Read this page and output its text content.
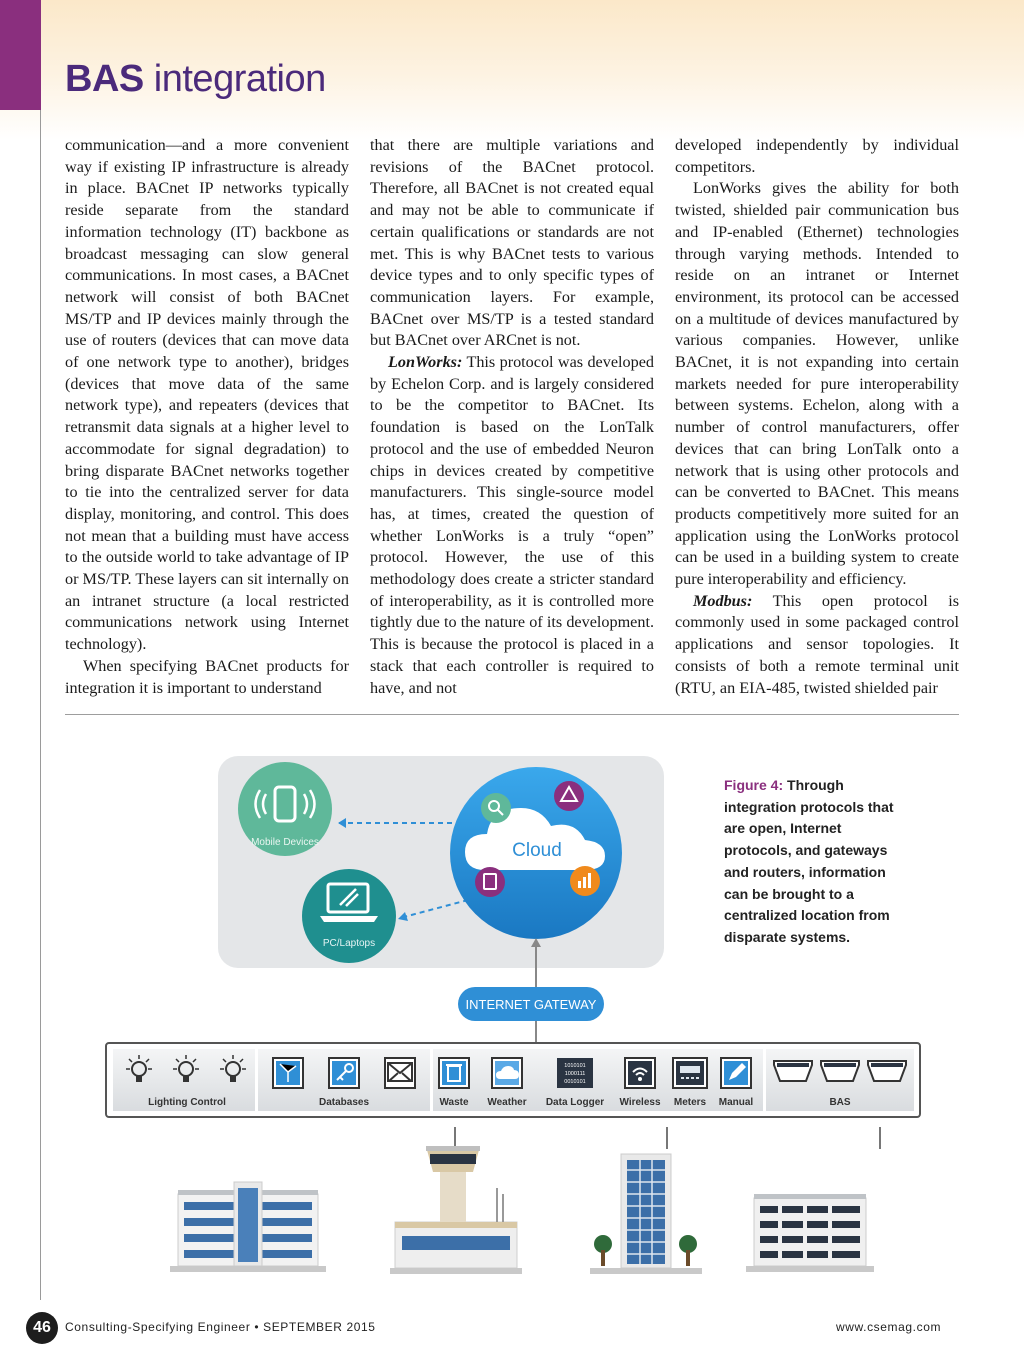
BAS integration

communication—and a more convenient way if existing IP infrastructure is already in place. BACnet IP networks typically reside separate from the standard information technology (IT) backbone as broadcast messaging can slow general communications. In most cases, a BACnet network will consist of both BACnet MS/TP and IP devices mainly through the use of routers (devices that can move data of one network type to another), bridges (devices that move data of the same network type), and repeaters (devices that retransmit data signals at a higher level to accommodate for signal degradation) to bring disparate BACnet networks together to tie into the centralized server for data display, monitoring, and control. This does not mean that a building must have access to the outside world to take advantage of IP or MS/TP. These layers can sit internally on an intranet structure (a local restricted communications network using Internet technology).

When specifying BACnet products for integration it is important to understand

that there are multiple variations and revisions of the BACnet protocol. Therefore, all BACnet is not created equal and may not be able to communicate if certain qualifications or standards are not met. This is why BACnet tests to various device types and to only specific types of communication layers. For example, BACnet over MS/TP is a tested standard but BACnet over ARCnet is not.

LonWorks: This protocol was developed by Echelon Corp. and is largely considered to be the competitor to BACnet. Its foundation is based on the LonTalk protocol and the use of embedded Neuron chips in devices created by competitive manufacturers. This single-source model has, at times, created the question of whether LonWorks is a truly “open” protocol. However, the use of this methodology does create a stricter standard of interoperability, as it is controlled more tightly due to the nature of its development. This is because the protocol is placed in a stack that each controller is required to have, and not

developed independently by individual competitors.

LonWorks gives the ability for both twisted, shielded pair communication bus and IP-enabled (Ethernet) technologies through varying methods. Intended to reside on an intranet or Internet environment, its protocol can be accessed on a multitude of devices manufactured by various companies. However, unlike BACnet, it is not expanding into certain markets needed for pure interoperability between systems. Echelon, along with a number of control manufacturers, offer devices that can bring LonTalk onto a network that is using other protocols and can be converted to BACnet. This means products competitively more suited for an application using the LonWorks protocol can be used in a building system to create pure interoperability and efficiency.

Modbus: This open protocol is commonly used in some packaged control applications and sensor topologies. It consists of both a remote terminal unit (RTU, an EIA-485, twisted shielded pair

Mobile Devices
PC/Laptops
Cloud
INTERNET GATEWAY
Lighting Control	Databases	Waste Weather
1010101
1000111
0010101
Data Logger Wireless Meters Manual	BAS
Figure 4: Through integration protocols that are open, Internet protocols, and gateways and routers, information can be brought to a centralized location from disparate systems.
46	Consulting-Specifying Engineer • SEPTEMBER 2015	www.csemag.com
